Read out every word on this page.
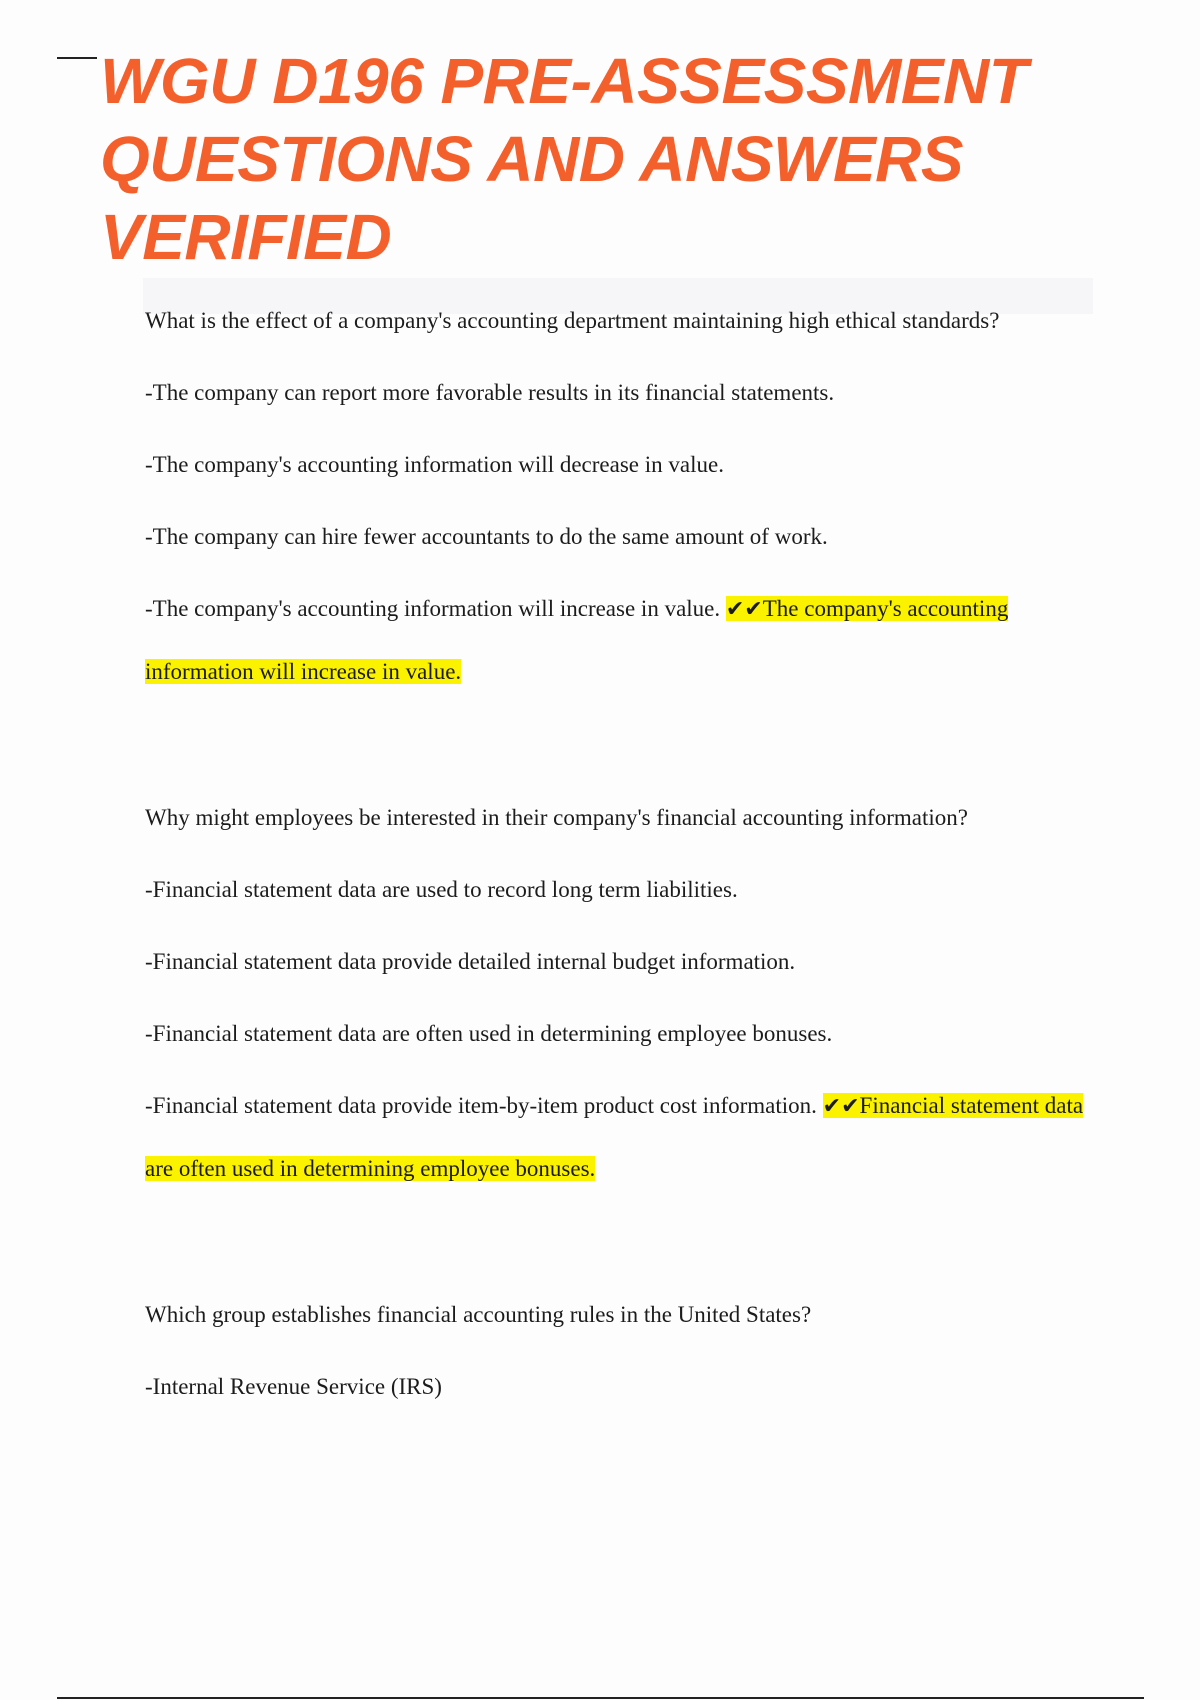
WGU D196 PRE-ASSESSMENT QUESTIONS AND ANSWERS VERIFIED

What is the effect of a company's accounting department maintaining high ethical standards?

-The company can report more favorable results in its financial statements.

-The company's accounting information will decrease in value.

-The company can hire fewer accountants to do the same amount of work.

-The company's accounting information will increase in value. ✔✔The company's accounting information will increase in value.

Why might employees be interested in their company's financial accounting information?

-Financial statement data are used to record long term liabilities.

-Financial statement data provide detailed internal budget information.

-Financial statement data are often used in determining employee bonuses.

-Financial statement data provide item-by-item product cost information. ✔✔Financial statement data are often used in determining employee bonuses.

Which group establishes financial accounting rules in the United States?

-Internal Revenue Service (IRS)
